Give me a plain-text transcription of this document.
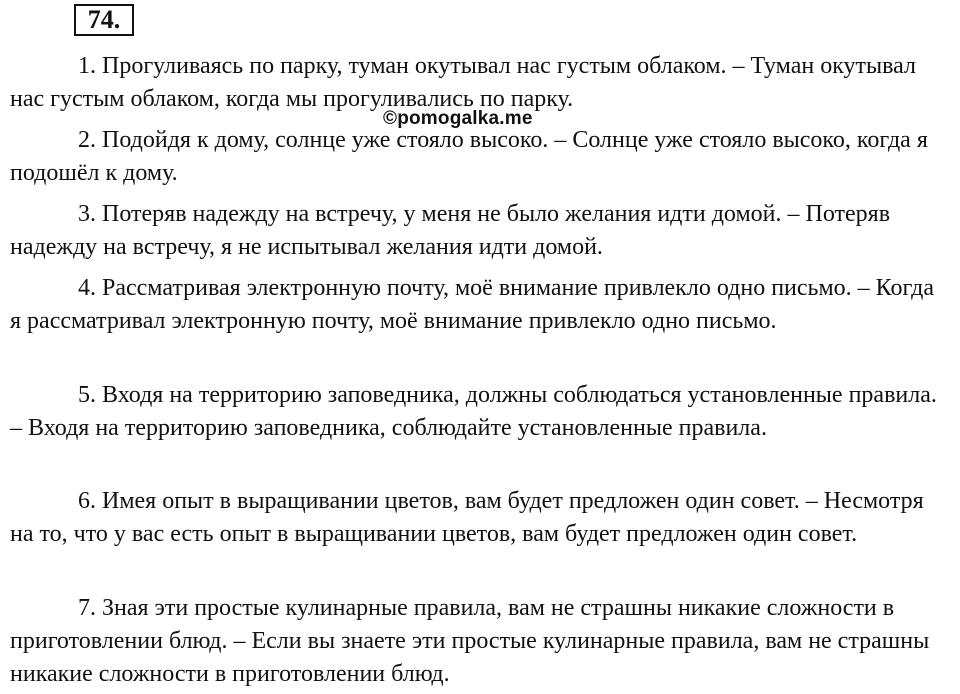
74.

1. Прогуливаясь по парку, туман окутывал нас густым облаком. – Туман окутывал нас густым облаком, когда мы прогуливались по парку.

2. Подойдя к дому, солнце уже стояло высоко. – Солнце уже стояло высоко, когда я подошёл к дому.

3. Потеряв надежду на встречу, у меня не было желания идти домой. – Потеряв надежду на встречу, я не испытывал желания идти домой.

4. Рассматривая электронную почту, моё внимание привлекло одно письмо. – Когда я рассматривал электронную почту, моё внимание привлекло одно письмо.

5. Входя на территорию заповедника, должны соблюдаться установленные правила. – Входя на территорию заповедника, соблюдайте установленные правила.

6. Имея опыт в выращивании цветов, вам будет предложен один совет. – Несмотря на то, что у вас есть опыт в выращивании цветов, вам будет предложен один совет.

7. Зная эти простые кулинарные правила, вам не страшны никакие сложности в приготовлении блюд. – Если вы знаете эти простые кулинарные правила, вам не страшны никакие сложности в приготовлении блюд.

©pomogalka.me
